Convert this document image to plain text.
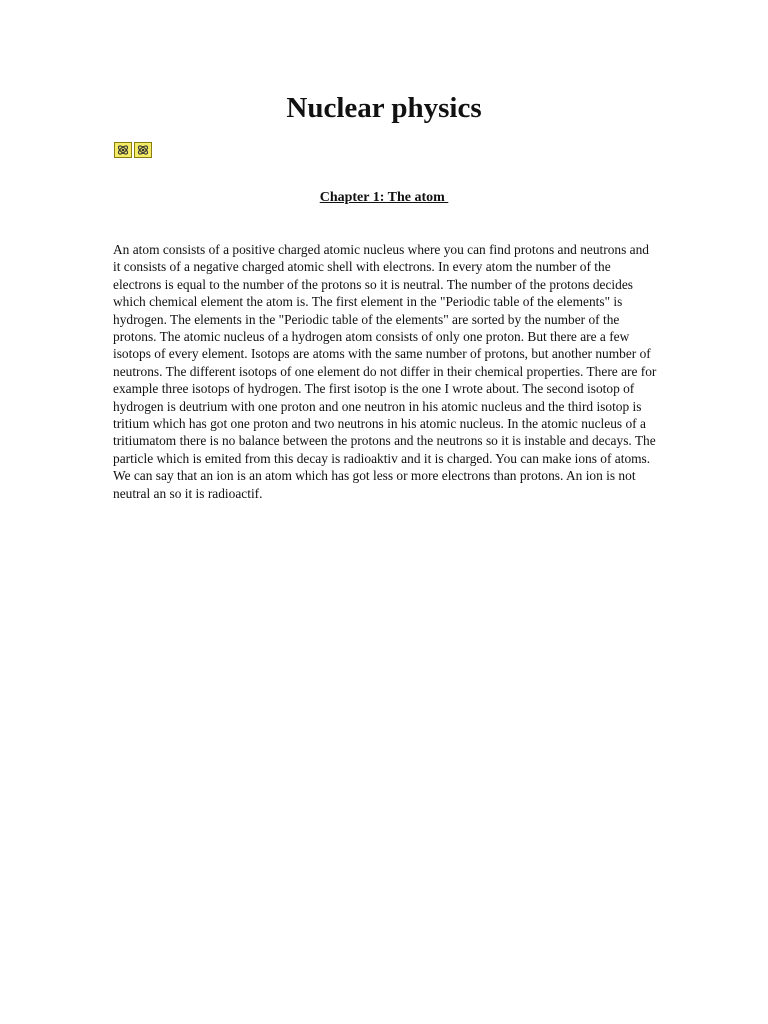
Nuclear physics
Chapter 1: The atom

An atom consists of a positive charged atomic nucleus where you can find protons and neutrons and it consists of a negative charged atomic shell with electrons. In every atom the number of the electrons is equal to the number of the protons so it is neutral. The number of the protons decides which chemical element the atom is. The first element in the "Periodic table of the elements" is hydrogen. The elements in the "Periodic table of the elements" are sorted by the number of the protons. The atomic nucleus of a hydrogen atom consists of only one proton. But there are a few isotops of every element. Isotops are atoms with the same number of protons, but another number of neutrons. The different isotops of one element do not differ in their chemical properties. There are for example three isotops of hydrogen. The first isotop is the one I wrote about. The second isotop of hydrogen is deutrium with one proton and one neutron in his atomic nucleus and the third isotop is tritium which has got one proton and two neutrons in his atomic nucleus. In the atomic nucleus of a tritiumatom there is no balance between the protons and the neutrons so it is instable and decays. The particle which is emited from this decay is radioaktiv and it is charged. You can make ions of atoms. We can say that an ion is an atom which has got less or more electrons than protons. An ion is not neutral an so it is radioactif.
